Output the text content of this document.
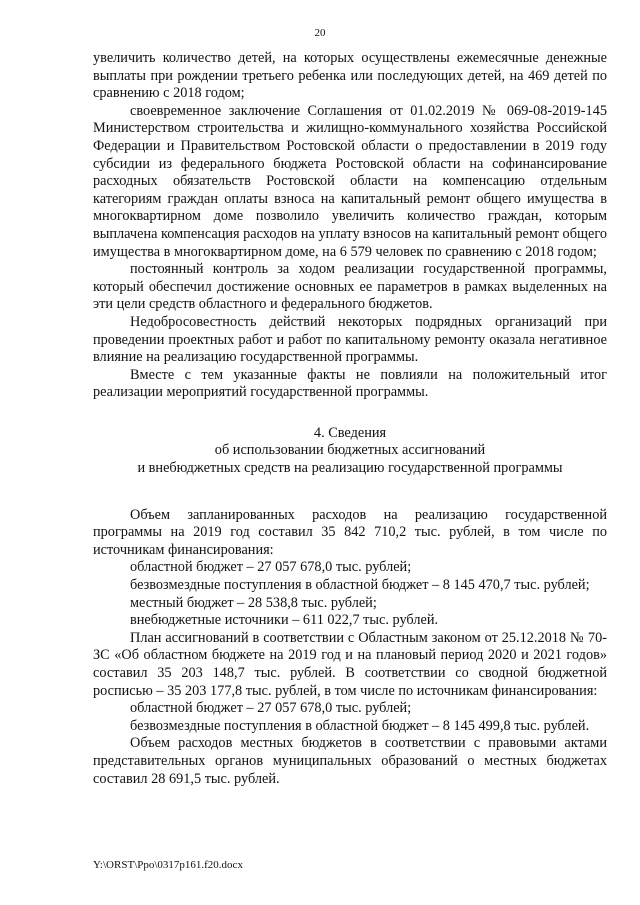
20

увеличить количество детей, на которых осуществлены ежемесячные денежные выплаты при рождении третьего ребенка или последующих детей, на 469 детей по сравнению с 2018 годом;

своевременное заключение Соглашения от 01.02.2019 № 069-08-2019-145 Министерством строительства и жилищно-коммунального хозяйства Российской Федерации и Правительством Ростовской области о предоставлении в 2019 году субсидии из федерального бюджета Ростовской области на софинансирование расходных обязательств Ростовской области на компенсацию отдельным категориям граждан оплаты взноса на капитальный ремонт общего имущества в многоквартирном доме позволило увеличить количество граждан, которым выплачена компенсация расходов на уплату взносов на капитальный ремонт общего имущества в многоквартирном доме, на 6 579 человек по сравнению с 2018 годом;

постоянный контроль за ходом реализации государственной программы, который обеспечил достижение основных ее параметров в рамках выделенных на эти цели средств областного и федерального бюджетов.

Недобросовестность действий некоторых подрядных организаций при проведении проектных работ и работ по капитальному ремонту оказала негативное влияние на реализацию государственной программы.

Вместе с тем указанные факты не повлияли на положительный итог реализации мероприятий государственной программы.

4. Сведения
об использовании бюджетных ассигнований
и внебюджетных средств на реализацию государственной программы

Объем запланированных расходов на реализацию государственной программы на 2019 год составил 35 842 710,2 тыс. рублей, в том числе по источникам финансирования:

областной бюджет – 27 057 678,0 тыс. рублей;

безвозмездные поступления в областной бюджет – 8 145 470,7 тыс. рублей;

местный бюджет – 28 538,8 тыс. рублей;

внебюджетные источники – 611 022,7 тыс. рублей.

План ассигнований в соответствии с Областным законом от 25.12.2018 № 70-ЗС «Об областном бюджете на 2019 год и на плановый период 2020 и 2021 годов» составил 35 203 148,7 тыс. рублей. В соответствии со сводной бюджетной росписью – 35 203 177,8 тыс. рублей, в том числе по источникам финансирования:

областной бюджет – 27 057 678,0 тыс. рублей;

безвозмездные поступления в областной бюджет – 8 145 499,8 тыс. рублей.

Объем расходов местных бюджетов в соответствии с правовыми актами представительных органов муниципальных образований о местных бюджетах составил 28 691,5 тыс. рублей.

Y:\ORST\Ppo\0317p161.f20.docx
